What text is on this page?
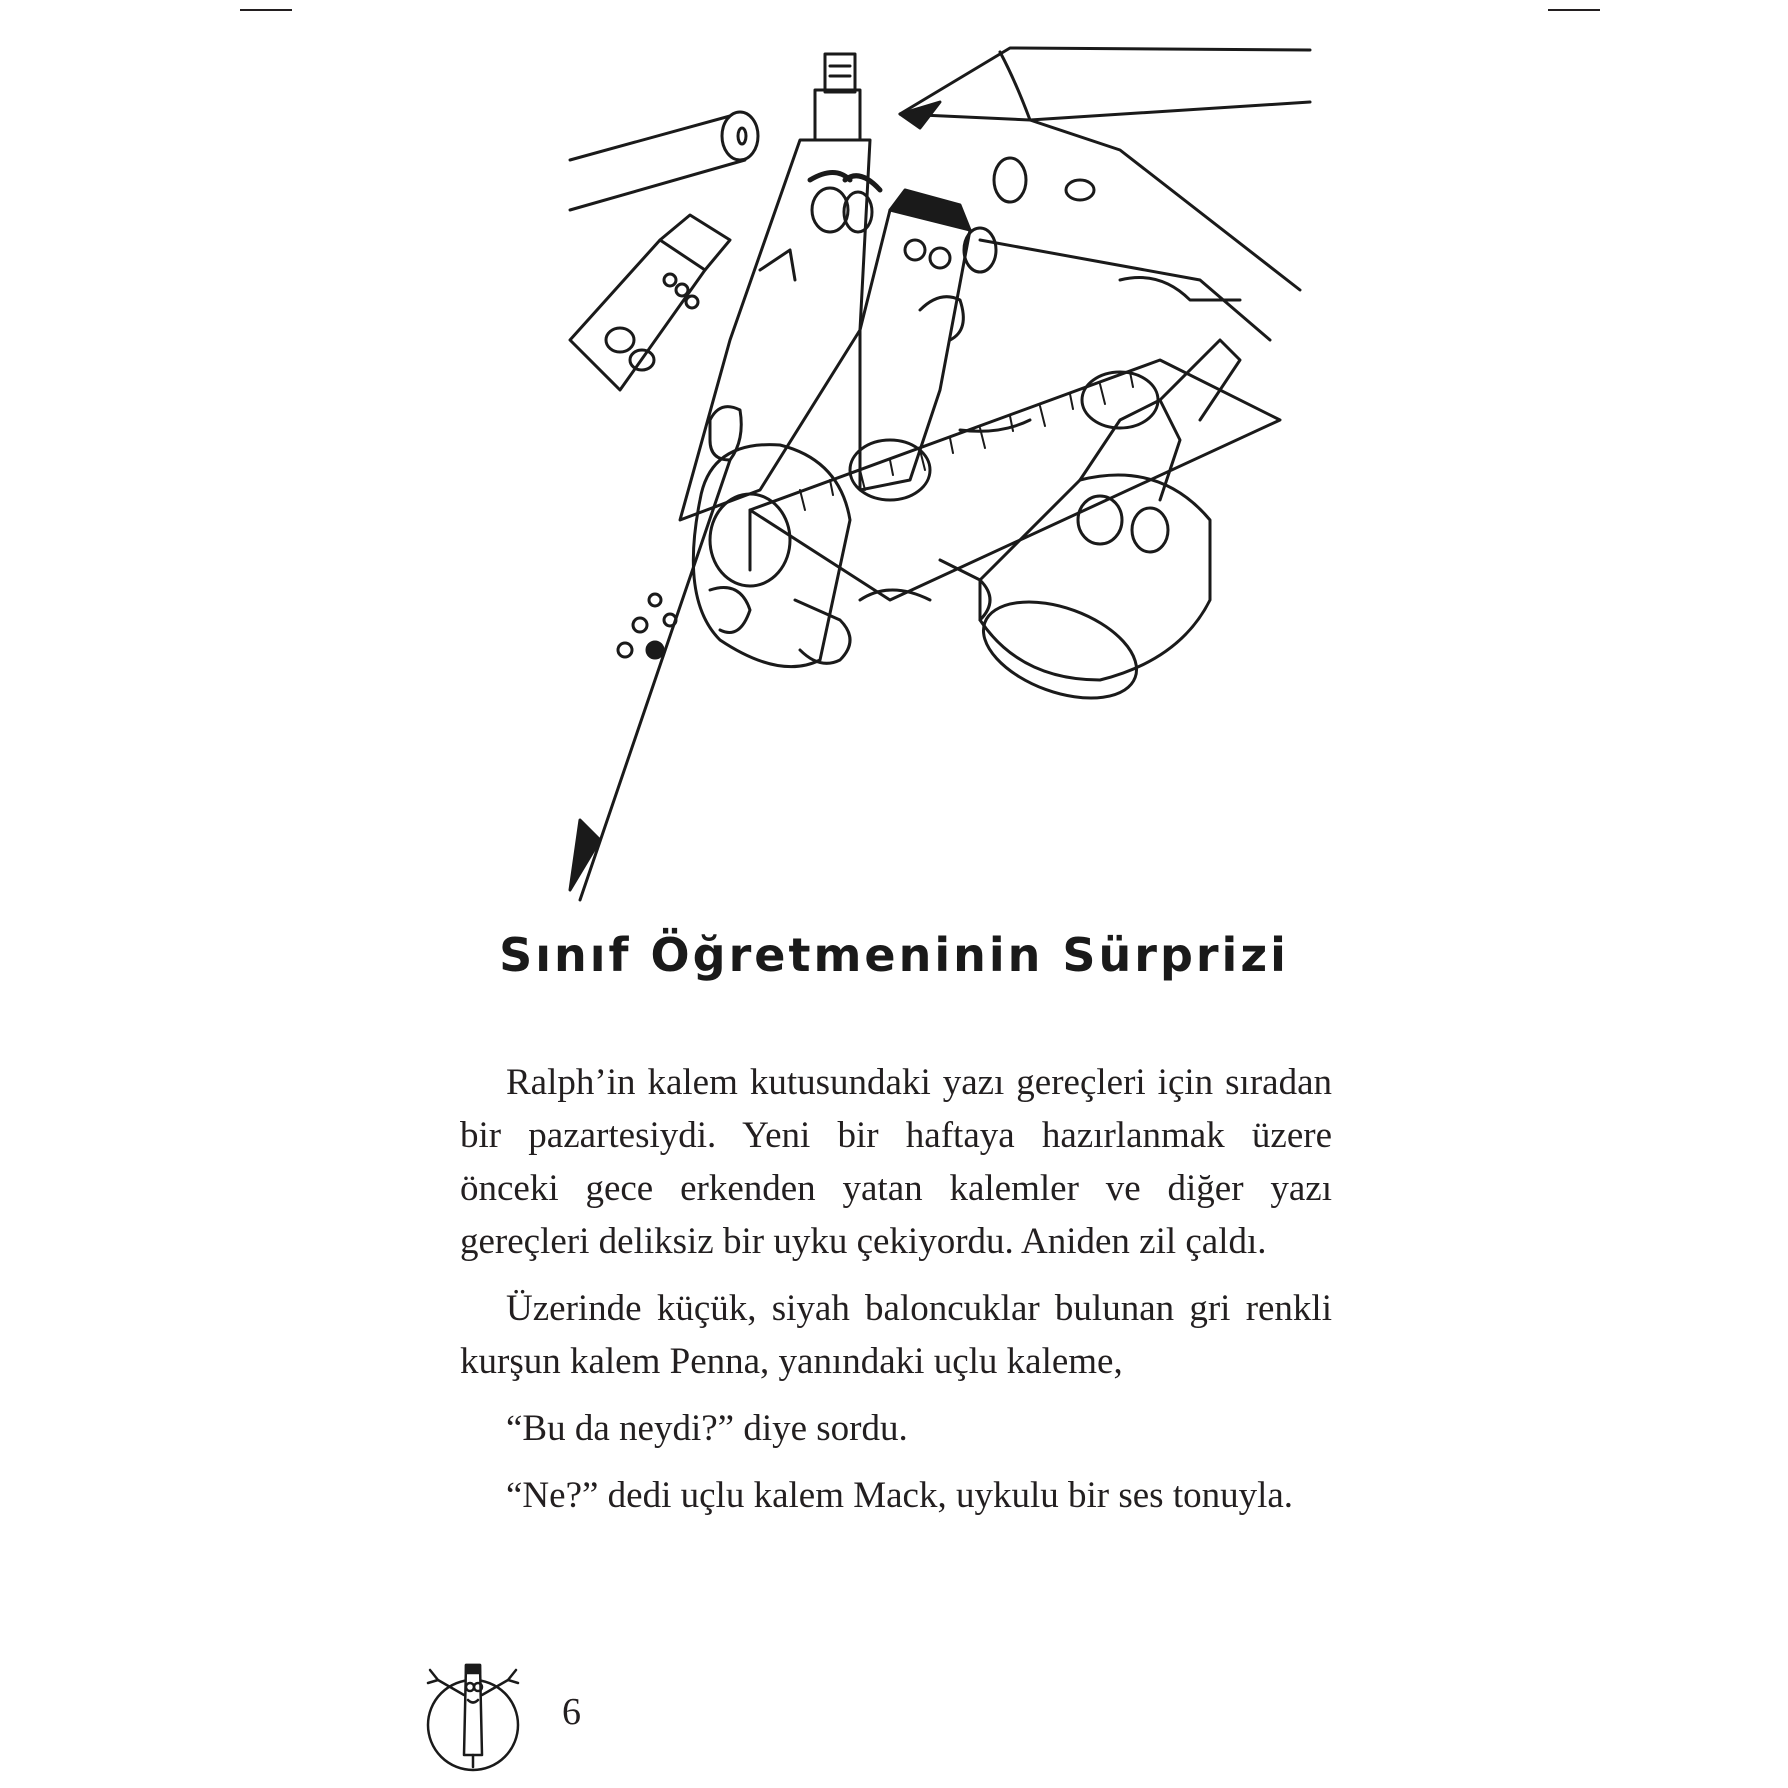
Sınıf Öğretmeninin Sürprizi

Ralph’in kalem kutusundaki yazı gereçleri için sıradan bir pazartesiydi. Yeni bir haftaya hazırlanmak üzere önceki gece erkenden yatan kalemler ve diğer yazı gereçleri deliksiz bir uyku çekiyordu. Aniden zil çaldı.

Üzerinde küçük, siyah baloncuklar bulunan gri renkli kurşun kalem Penna, yanındaki uçlu kaleme,

“Bu da neydi?” diye sordu.

“Ne?” dedi uçlu kalem Mack, uykulu bir ses tonuyla.

6
